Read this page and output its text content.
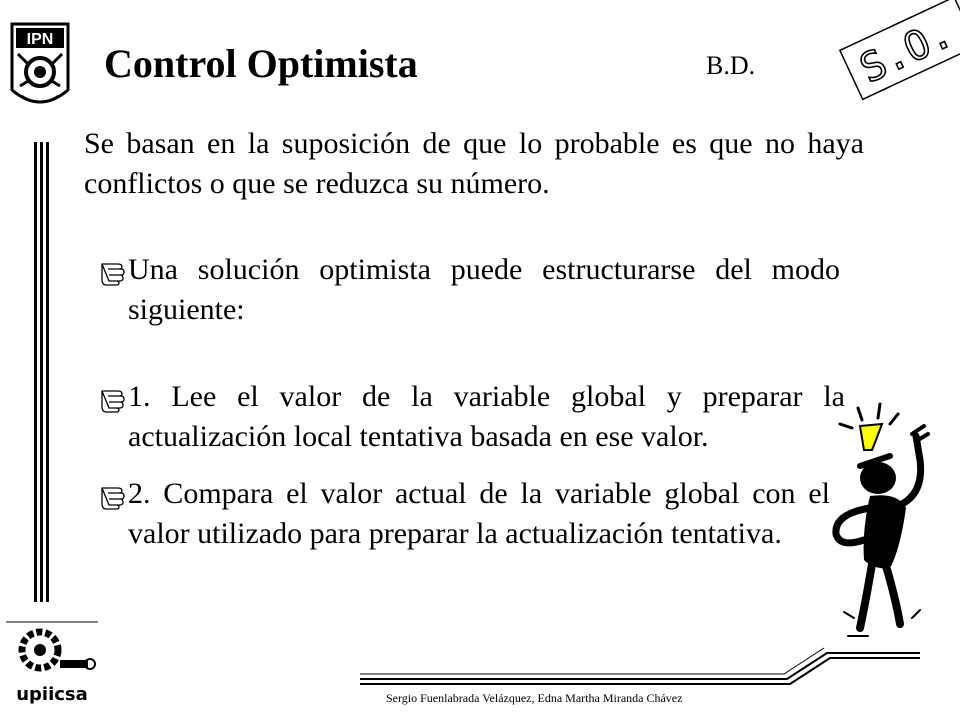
IPN	S.O.
Control Optimista	B.D.
Se basan en la suposición de que lo probable es que no haya conflictos o que se reduzca su número.
Una solución optimista puede estructurarse del modo siguiente:
1. Lee el valor de la variable global y preparar la actualización local tentativa basada en ese valor.
2. Compara el valor actual de la variable global con el valor utilizado para preparar la actualización tentativa.
upiicsa	Sergio Fuenlabrada Velázquez, Edna Martha Miranda Chávez
